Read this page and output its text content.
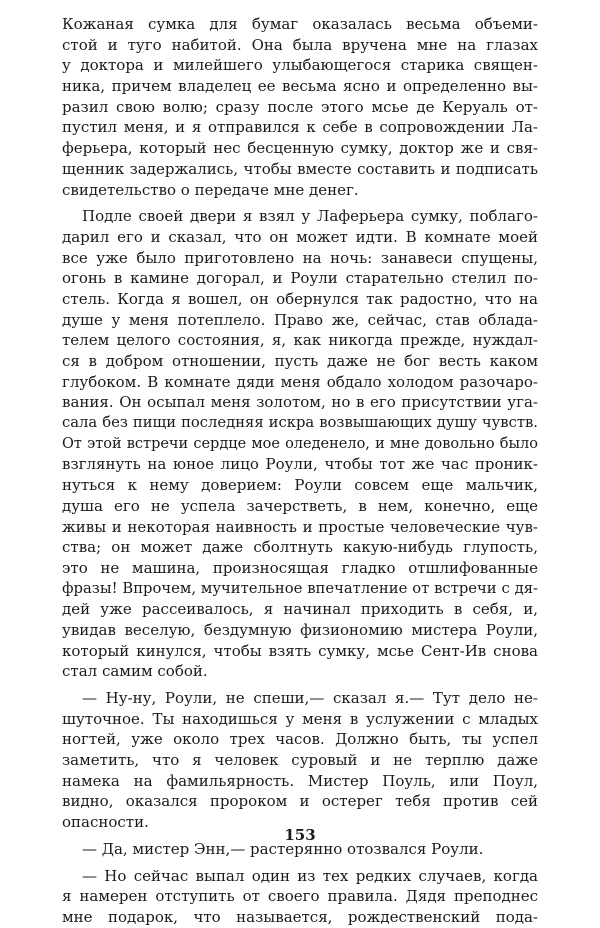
Кожаная сумка для бумаг оказалась весьма объеми-
стой и туго набитой. Она была вручена мне на глазах
у доктора и милейшего улыбающегося старика священ-
ника, причем владелец ее весьма ясно и определенно вы-
разил свою волю; сразу после этого мсье де Керуаль от-
пустил меня, и я отправился к себе в сопровождении Ла-
ферьера, который нес бесценную сумку, доктор же и свя-
щенник задержались, чтобы вместе составить и подписать
свидетельство о передаче мне денег.
Подле своей двери я взял у Лаферьера сумку, поблаго-
дарил его и сказал, что он может идти. В комнате моей
все уже было приготовлено на ночь: занавеси спущены,
огонь в камине догорал, и Роули старательно стелил по-
стель. Когда я вошел, он обернулся так радостно, что на
душе у меня потеплело. Право же, сейчас, став облада-
телем целого состояния, я, как никогда прежде, нуждал-
ся в добром отношении, пусть даже не бог весть каком
глубоком. В комнате дяди меня обдало холодом разочаро-
вания. Он осыпал меня золотом, но в его присутствии уга-
сала без пищи последняя искра возвышающих душу чувств.
От этой встречи сердце мое оледенело, и мне довольно было
взглянуть на юное лицо Роули, чтобы тот же час проник-
нуться к нему доверием: Роули совсем еще мальчик,
душа его не успела зачерстветь, в нем, конечно, еще
живы и некоторая наивность и простые человеческие чув-
ства; он может даже сболтнуть какую-нибудь глупость,
это не машина, произносящая гладко отшлифованные
фразы! Впрочем, мучительное впечатление от встречи с дя-
дей уже рассеивалось, я начинал приходить в себя, и,
увидав веселую, бездумную физиономию мистера Роули,
который кинулся, чтобы взять сумку, мсье Сент-Ив снова
стал самим собой.
— Ну-ну, Роули, не спеши,— сказал я.— Тут дело не-
шуточное. Ты находишься у меня в услужении с младых
ногтей, уже около трех часов. Должно быть, ты успел
заметить, что я человек суровый и не терплю даже
намека на фамильярность. Мистер Поуль, или Поул,
видно, оказался пророком и остерег тебя против сей
опасности.
— Да, мистер Энн,— растерянно отозвался Роули.
— Но сейчас выпал один из тех редких случаев, когда
я намерен отступить от своего правила. Дядя преподнес
мне подарок, что называется, рождественский пода-
153
